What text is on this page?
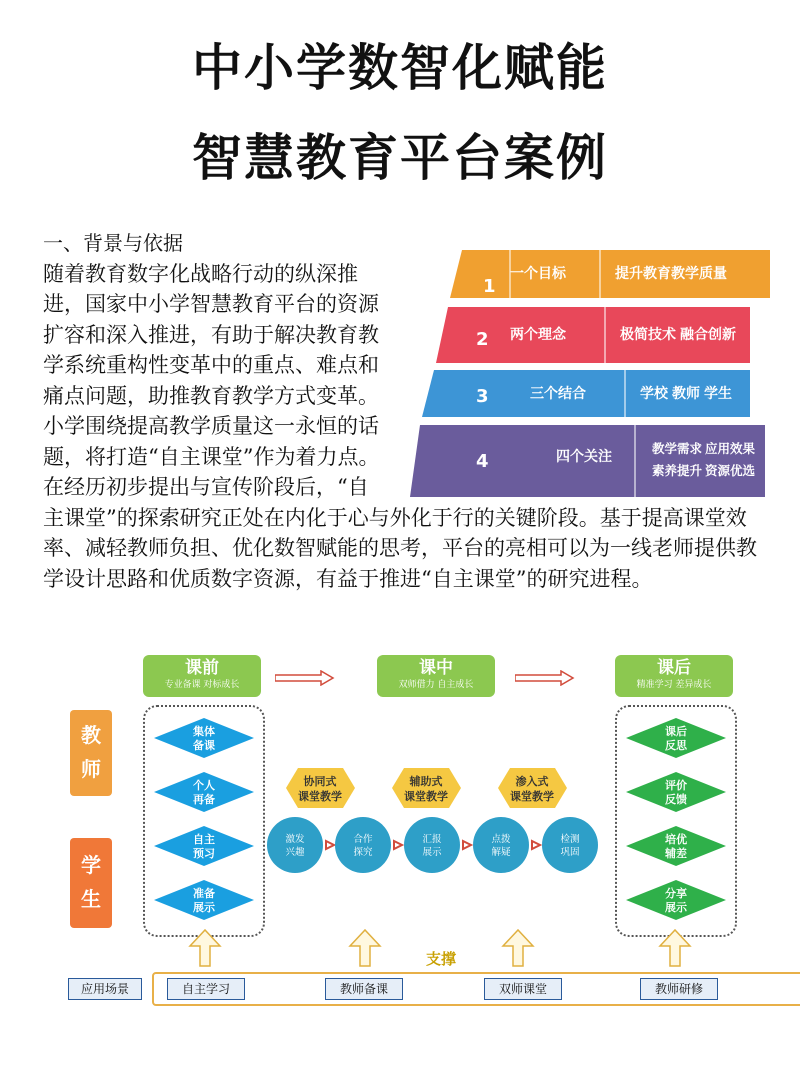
中小学数智化赋能
智慧教育平台案例
一、背景与依据
随着教育数字化战略行动的纵深推进，国家中小学智慧教育平台的资源扩容和深入推进，有助于解决教育教学系统重构性变革中的重点、难点和痛点问题，助推教育教学方式变革。小学围绕提高教学质量这一永恒的话题，将打造“自主课堂”作为着力点。在经历初步提出与宣传阶段后，“自主课堂”的探索研究正处在内化于心与外化于行的关键阶段。基于提高课堂效率、减轻教师负担、优化数智赋能的思考，平台的亮相可以为一线老师提供教学设计思路和优质数字资源，有益于推进“自主课堂”的研究进程。
1
一个目标	提升教育教学质量
2 两个理念	极简技术 融合创新
3	三个结合	学校 教师 学生
4	四个关注
教学需求 应用效果
素养提升 资源优选
课前
专业备课 对标成长
课中
双师借力 自主成长
课后
精准学习 差异成长
教
师
学
生
集体
备课
个人
再备
自主
预习
准备
展示
课后
反思
评价
反馈
培优
辅差
分享
展示
协同式
课堂教学
辅助式
课堂教学
渗入式
课堂教学
激发
兴趣
合作
探究
汇报
展示
点拨
解疑
检测
巩固
支撑
应用场景	自主学习	教师备课	双师课堂	教师研修
